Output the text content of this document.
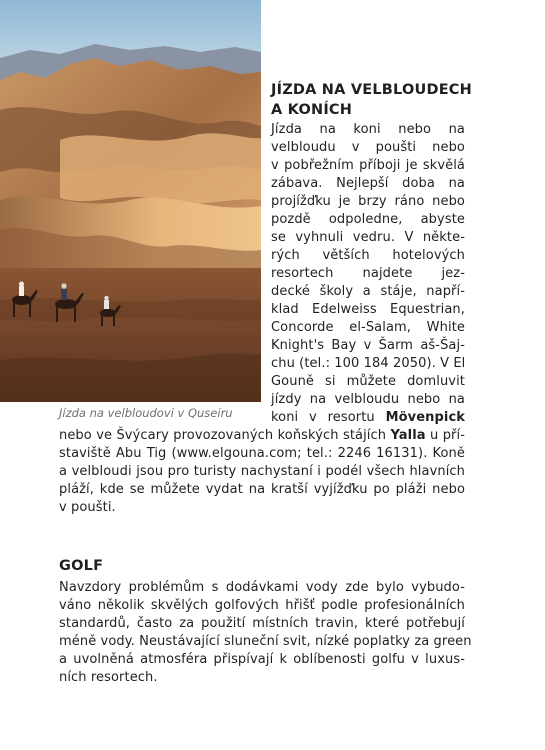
Jízda na velbloudovi v Quseiru
JÍZDA NA VELBLOUDECH
A KONÍCH
Jízda na koni nebo na
velbloudu v poušti nebo
v pobřežním příboji je skvělá
zábava. Nejlepší doba na
projížďku je brzy ráno nebo
pozdě odpoledne, abyste
se vyhnuli vedru. V někte-
rých větších hotelových
resortech najdete jez-
decké školy a stáje, napří-
klad Edelweiss Equestrian,
Concorde el-Salam, White
Knight's Bay v Šarm aš-Šaj-
chu (tel.: 100 184 2050). V El
Gouně si můžete domluvit
jízdy na velbloudu nebo na
koni v resortu Mövenpick
nebo ve Švýcary provozovaných koňských stájích Yalla u pří-
staviště Abu Tig (www.elgouna.com; tel.: 2246 16131). Koně
a velbloudi jsou pro turisty nachystaní i podél všech hlavních
pláží, kde se můžete vydat na kratší vyjížďku po pláži nebo
v poušti.
GOLF
Navzdory problémům s dodávkami vody zde bylo vybudo-
váno několik skvělých golfových hřišť podle profesionálních
standardů, často za použití místních travin, které potřebují
méně vody. Neustávající sluneční svit, nízké poplatky za green
a uvolněná atmosféra přispívají k oblíbenosti golfu v luxus-
ních resortech.
